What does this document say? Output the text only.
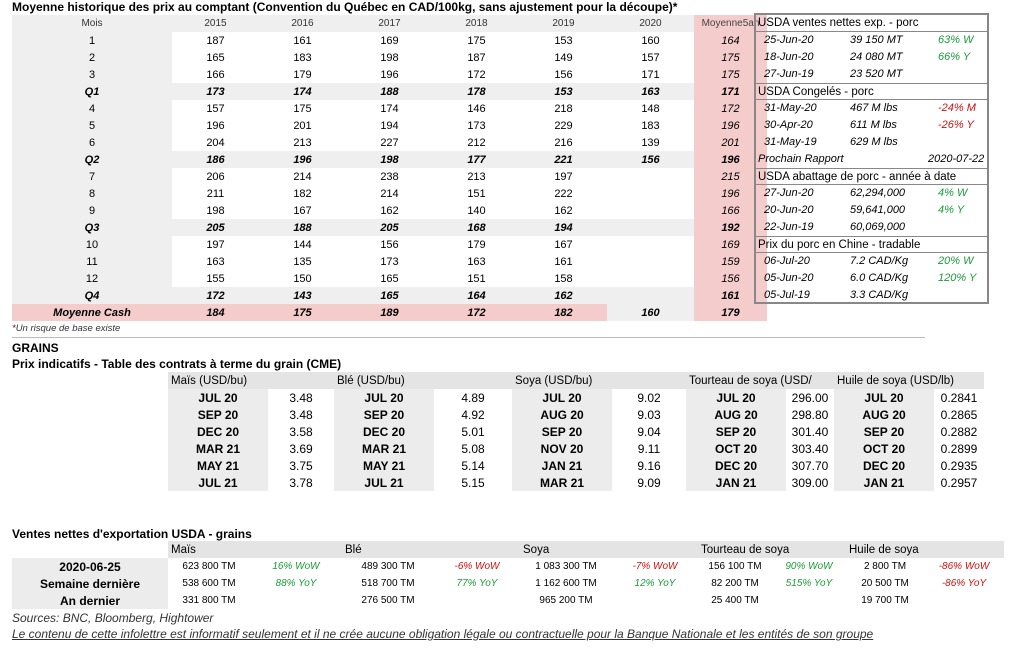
Moyenne historique des prix au comptant (Convention du Québec en CAD/100kg, sans ajustement pour la découpe)*
Mois	2015	2016	2017	2018	2019	2020	Moyenne5an
1	187	161	169	175	153	160	164
2	165	183	198	187	149	157	175
3	166	179	196	172	156	171	175
Q1	173	174	188	178	153	163	171
4	157	175	174	146	218	148	172
5	196	201	194	173	229	183	196
6	204	213	227	212	216	139	201
Q2	186	196	198	177	221	156	196
7	206	214	238	213	197		215
8	211	182	214	151	222		196
9	198	167	162	140	162		166
Q3	205	188	205	168	194		192
10	197	144	156	179	167		169
11	163	135	173	163	161		159
12	155	150	165	151	158		156
Q4	172	143	165	164	162		161
Moyenne Cash	184	175	189	172	182	160	179
USDA ventes nettes exp. - porc
25-Jun-20	39 150 MT	63% W
18-Jun-20	24 080 MT	66% Y
27-Jun-19	23 520 MT
USDA Congelés - porc
31-May-20	467 M lbs	-24% M
30-Apr-20	611 M lbs	-26% Y
31-May-19	629 M lbs
Prochain Rapport	2020-07-22
USDA abattage de porc - année à date
27-Jun-20	62,294,000	4% W
20-Jun-20	59,641,000	4% Y
22-Jun-19	60,069,000
Prix du porc en Chine - tradable
06-Jul-20	7.2 CAD/Kg	20% W
05-Jun-20	6.0 CAD/Kg	120% Y
05-Jul-19	3.3 CAD/Kg
*Un risque de base existe
GRAINS
Prix indicatifs - Table des contrats à terme du grain (CME)
Maïs (USD/bu)		Blé (USD/bu)		Soya (USD/bu)		Tourteau de soya (USD/		Huile de soya (USD/lb)	
JUL 20	3.48	JUL 20	4.89	JUL 20	9.02	JUL 20	296.00	JUL 20	0.2841
SEP 20	3.48	SEP 20	4.92	AUG 20	9.03	AUG 20	298.80	AUG 20	0.2865
DEC 20	3.58	DEC 20	5.01	SEP 20	9.04	SEP 20	301.40	SEP 20	0.2882
MAR 21	3.69	MAR 21	5.08	NOV 20	9.11	OCT 20	303.40	OCT 20	0.2899
MAY 21	3.75	MAY 21	5.14	JAN 21	9.16	DEC 20	307.70	DEC 20	0.2935
JUL 21	3.78	JUL 21	5.15	MAR 21	9.09	JAN 21	309.00	JAN 21	0.2957
Ventes nettes d'exportation USDA - grains
	Maïs		Blé		Soya		Tourteau de soya		Huile de soya	
2020-06-25	623 800 TM	16% WoW	489 300 TM	-6% WoW	1 083 300 TM	-7% WoW	156 100 TM	90% WoW	2 800 TM	-86% WoW
Semaine dernière	538 600 TM	88% YoY	518 700 TM	77% YoY	1 162 600 TM	12% YoY	82 200 TM	515% YoY	20 500 TM	-86% YoY
An dernier	331 800 TM		276 500 TM		965 200 TM		25 400 TM		19 700 TM	
Sources: BNC, Bloomberg, Hightower
Le contenu de cette infolettre est informatif seulement et il ne crée aucune obligation légale ou contractuelle pour la Banque Nationale et les entités de son groupe
